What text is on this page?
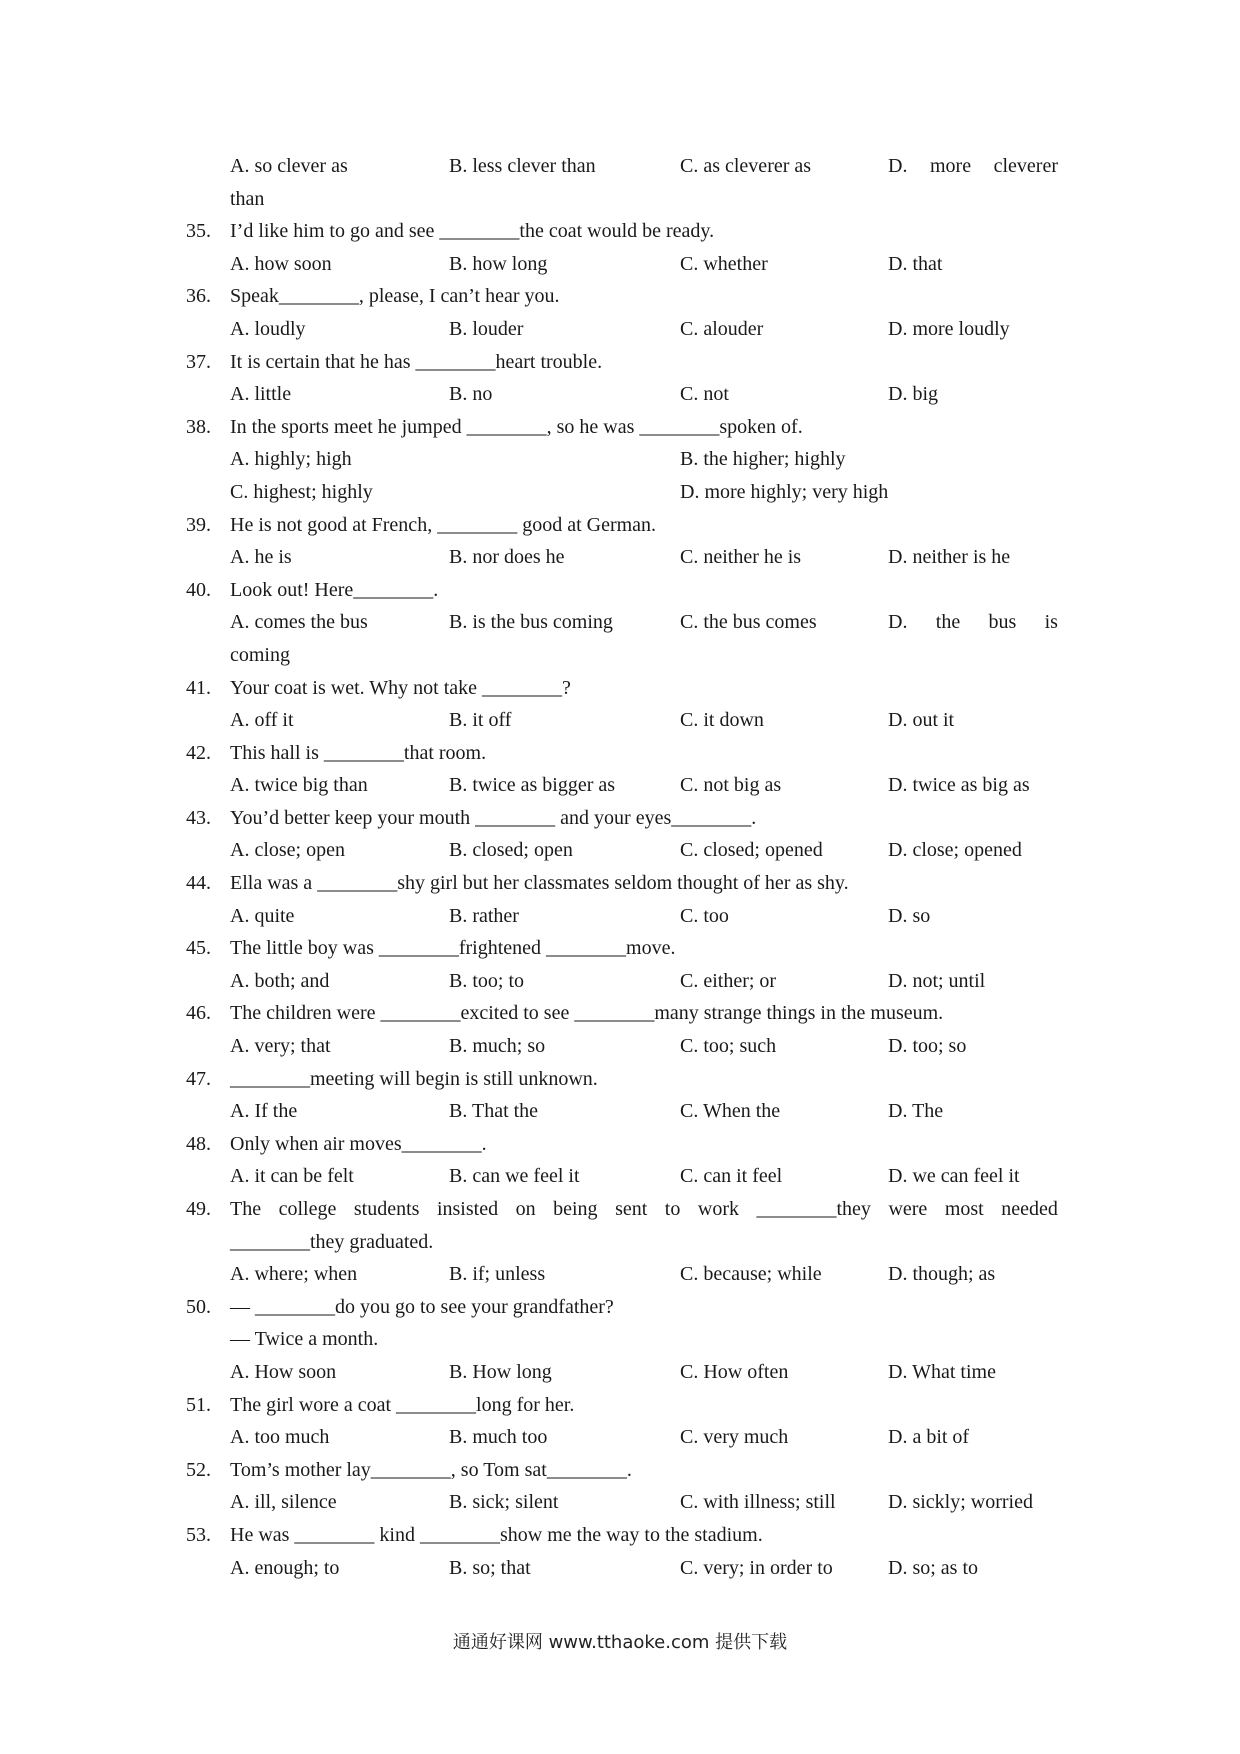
A. so clever as	B. less clever than	C. as cleverer as	D. more cleverer
than
35. I’d like him to go and see ________the coat would be ready.
A. how soon	B. how long	C. whether	D. that
36. Speak________, please, I can’t hear you.
A. loudly	B. louder	C. alouder	D. more loudly
37. It is certain that he has ________heart trouble.
A. little	B. no	C. not	D. big
38. In the sports meet he jumped ________, so he was ________spoken of.
A. highly; high	B. the higher; highly
C. highest; highly	D. more highly; very high
39. He is not good at French, ________ good at German.
A. he is	B. nor does he	C. neither he is	D. neither is he
40. Look out! Here________.
A. comes the bus	B. is the bus coming	C. the bus comes	D. the bus is
coming
41. Your coat is wet. Why not take ________?
A. off it	B. it off	C. it down	D. out it
42. This hall is ________that room.
A. twice big than	B. twice as bigger as	C. not big as	D. twice as big as
43. You’d better keep your mouth ________ and your eyes________.
A. close; open	B. closed; open	C. closed; opened	D. close; opened
44. Ella was a ________shy girl but her classmates seldom thought of her as shy.
A. quite	B. rather	C. too	D. so
45. The little boy was ________frightened ________move.
A. both; and	B. too; to	C. either; or	D. not; until
46. The children were ________excited to see ________many strange things in the museum.
A. very; that	B. much; so	C. too; such	D. too; so
47. ________meeting will begin is still unknown.
A. If the	B. That the	C. When the	D. The
48. Only when air moves________.
A. it can be felt	B. can we feel it	C. can it feel	D. we can feel it
49. The college students insisted on being sent to work ________they were most needed
________they graduated.
A. where; when	B. if; unless	C. because; while	D. though; as
50. — ________do you go to see your grandfather?
— Twice a month.
A. How soon	B. How long	C. How often	D. What time
51. The girl wore a coat ________long for her.
A. too much	B. much too	C. very much	D. a bit of
52. Tom’s mother lay________, so Tom sat________.
A. ill, silence	B. sick; silent	C. with illness; still	D. sickly; worried
53. He was ________ kind ________show me the way to the stadium.
A. enough; to	B. so; that	C. very; in order to	D. so; as to
通通好课网 www.tthaoke.com 提供下载
